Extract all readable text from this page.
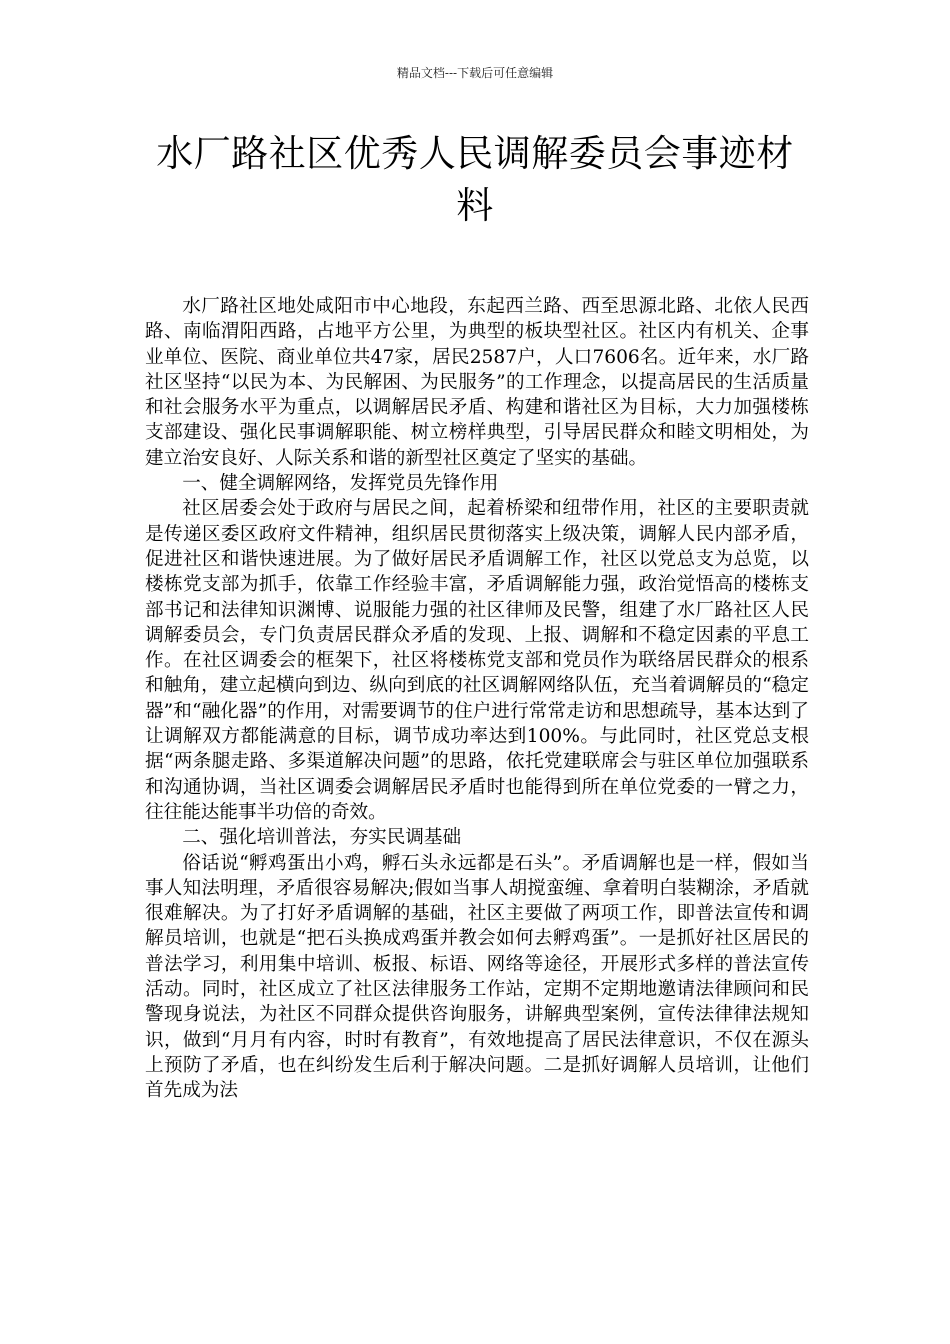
精品文档---下载后可任意编辑
水厂路社区优秀人民调解委员会事迹材料

水厂路社区地处咸阳市中心地段，东起西兰路、西至思源北路、北依人民西路、南临渭阳西路，占地平方公里，为典型的板块型社区。社区内有机关、企事业单位、医院、商业单位共47家，居民2587户，人口7606名。近年来，水厂路社区坚持“以民为本、为民解困、为民服务”的工作理念，以提高居民的生活质量和社会服务水平为重点，以调解居民矛盾、构建和谐社区为目标，大力加强楼栋支部建设、强化民事调解职能、树立榜样典型，引导居民群众和睦文明相处，为建立治安良好、人际关系和谐的新型社区奠定了坚实的基础。

一、健全调解网络，发挥党员先锋作用

社区居委会处于政府与居民之间，起着桥梁和纽带作用，社区的主要职责就是传递区委区政府文件精神，组织居民贯彻落实上级决策，调解人民内部矛盾，促进社区和谐快速进展。为了做好居民矛盾调解工作，社区以党总支为总览，以楼栋党支部为抓手，依靠工作经验丰富，矛盾调解能力强，政治觉悟高的楼栋支部书记和法律知识渊博、说服能力强的社区律师及民警，组建了水厂路社区人民调解委员会，专门负责居民群众矛盾的发现、上报、调解和不稳定因素的平息工作。在社区调委会的框架下，社区将楼栋党支部和党员作为联络居民群众的根系和触角，建立起横向到边、纵向到底的社区调解网络队伍，充当着调解员的“稳定器”和“融化器”的作用，对需要调节的住户进行常常走访和思想疏导，基本达到了让调解双方都能满意的目标，调节成功率达到100%。与此同时，社区党总支根据“两条腿走路、多渠道解决问题”的思路，依托党建联席会与驻区单位加强联系和沟通协调，当社区调委会调解居民矛盾时也能得到所在单位党委的一臂之力，往往能达能事半功倍的奇效。

二、强化培训普法，夯实民调基础

俗话说“孵鸡蛋出小鸡，孵石头永远都是石头”。矛盾调解也是一样，假如当事人知法明理，矛盾很容易解决;假如当事人胡搅蛮缠、拿着明白装糊涂，矛盾就很难解决。为了打好矛盾调解的基础，社区主要做了两项工作，即普法宣传和调解员培训，也就是“把石头换成鸡蛋并教会如何去孵鸡蛋”。一是抓好社区居民的普法学习，利用集中培训、板报、标语、网络等途径，开展形式多样的普法宣传活动。同时，社区成立了社区法律服务工作站，定期不定期地邀请法律顾问和民警现身说法，为社区不同群众提供咨询服务，讲解典型案例，宣传法律律法规知识，做到“月月有内容，时时有教育”，有效地提高了居民法律意识，不仅在源头上预防了矛盾，也在纠纷发生后利于解决问题。二是抓好调解人员培训，让他们首先成为法
